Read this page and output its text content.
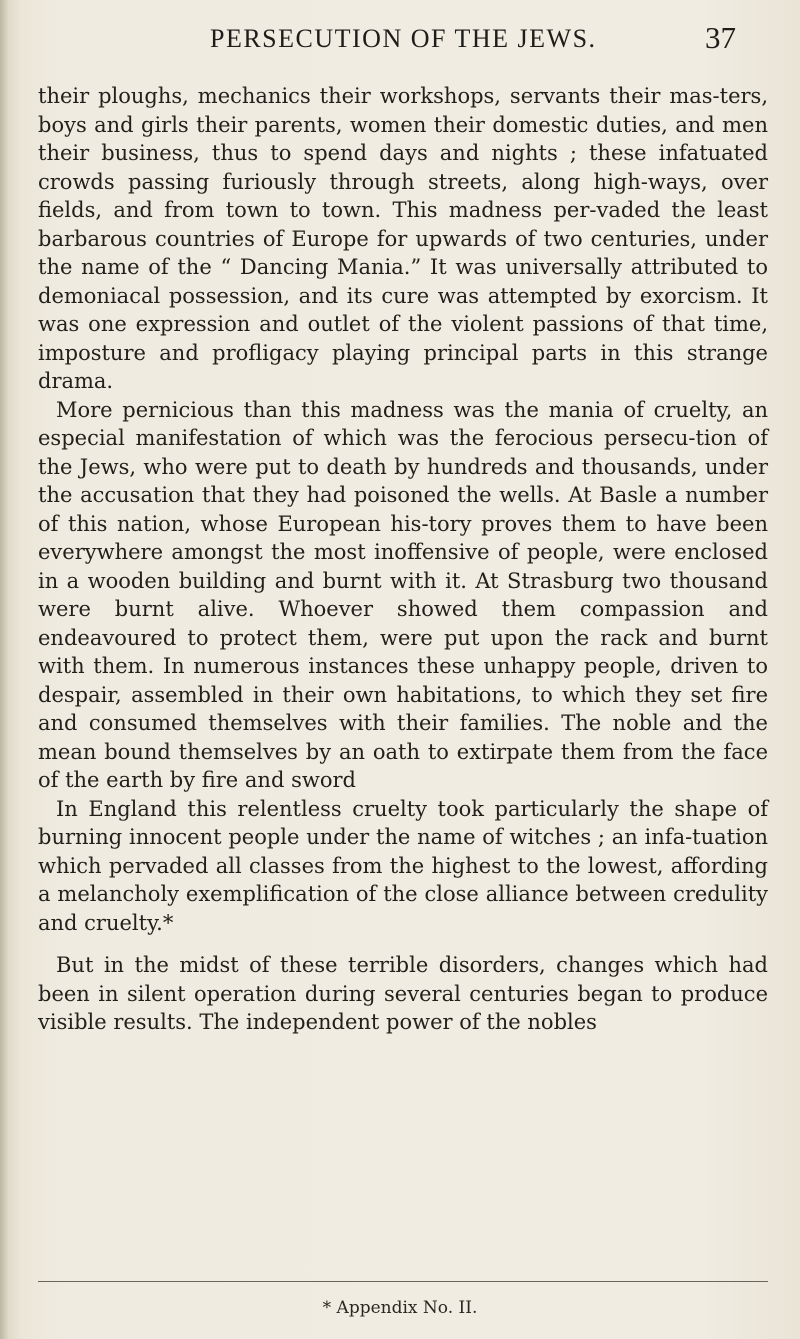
PERSECUTION OF THE JEWS.	37

their ploughs, mechanics their workshops, servants their mas-ters, boys and girls their parents, women their domestic duties, and men their business, thus to spend days and nights ; these infatuated crowds passing furiously through streets, along high-ways, over fields, and from town to town. This madness per-vaded the least barbarous countries of Europe for upwards of two centuries, under the name of the “ Dancing Mania.” It was universally attributed to demoniacal possession, and its cure was attempted by exorcism. It was one expression and outlet of the violent passions of that time, imposture and profligacy playing principal parts in this strange drama.

More pernicious than this madness was the mania of cruelty, an especial manifestation of which was the ferocious persecu-tion of the Jews, who were put to death by hundreds and thousands, under the accusation that they had poisoned the wells. At Basle a number of this nation, whose European his-tory proves them to have been everywhere amongst the most inoffensive of people, were enclosed in a wooden building and burnt with it. At Strasburg two thousand were burnt alive. Whoever showed them compassion and endeavoured to protect them, were put upon the rack and burnt with them. In numerous instances these unhappy people, driven to despair, assembled in their own habitations, to which they set fire and consumed themselves with their families. The noble and the mean bound themselves by an oath to extirpate them from the face of the earth by fire and sword

In England this relentless cruelty took particularly the shape of burning innocent people under the name of witches ; an infa-tuation which pervaded all classes from the highest to the lowest, affording a melancholy exemplification of the close alliance between credulity and cruelty.*

But in the midst of these terrible disorders, changes which had been in silent operation during several centuries began to produce visible results. The independent power of the nobles

* Appendix No. II.
